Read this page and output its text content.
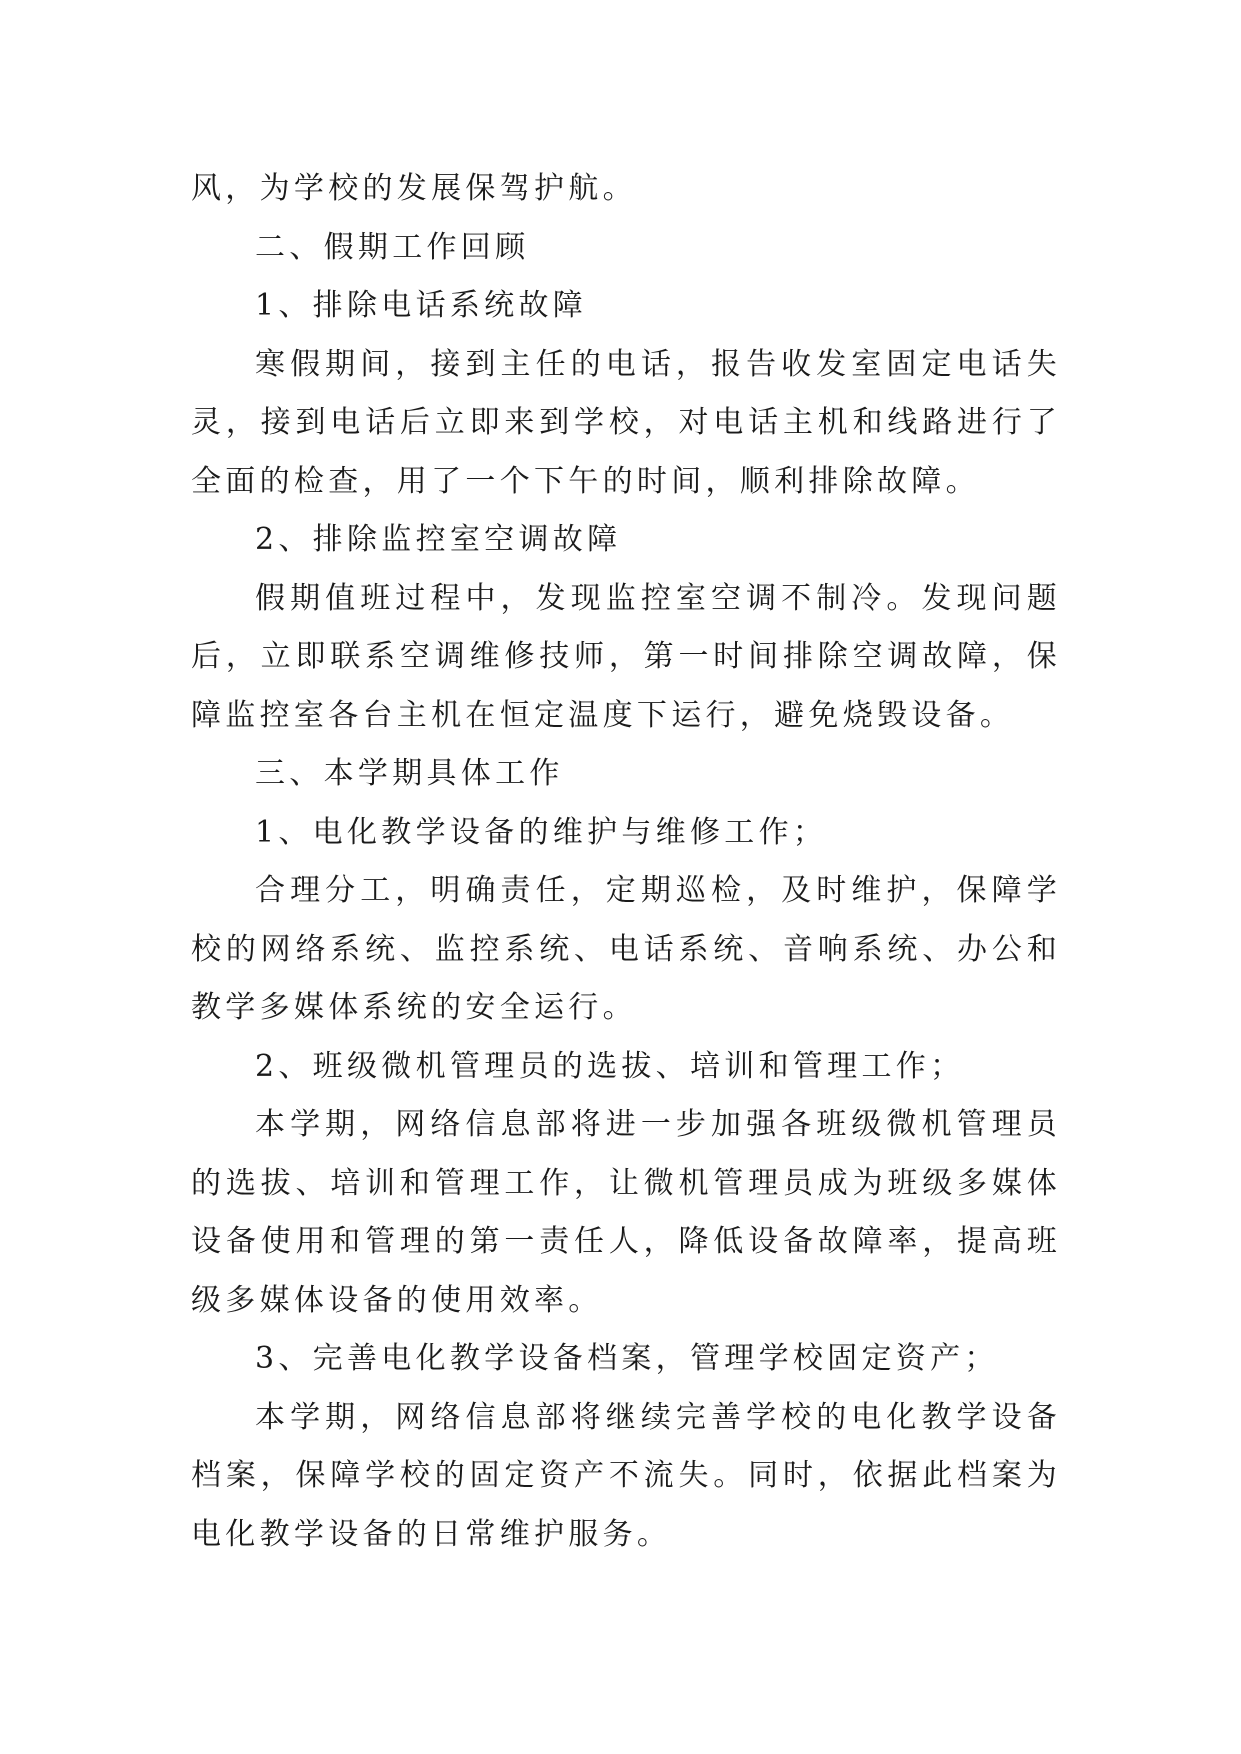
风，为学校的发展保驾护航。

二、假期工作回顾

1、排除电话系统故障

寒假期间，接到主任的电话，报告收发室固定电话失灵，接到电话后立即来到学校，对电话主机和线路进行了全面的检查，用了一个下午的时间，顺利排除故障。

2、排除监控室空调故障

假期值班过程中，发现监控室空调不制冷。发现问题后，立即联系空调维修技师，第一时间排除空调故障，保障监控室各台主机在恒定温度下运行，避免烧毁设备。

三、本学期具体工作

1、电化教学设备的维护与维修工作；

合理分工，明确责任，定期巡检，及时维护，保障学校的网络系统、监控系统、电话系统、音响系统、办公和教学多媒体系统的安全运行。

2、班级微机管理员的选拔、培训和管理工作；

本学期，网络信息部将进一步加强各班级微机管理员的选拔、培训和管理工作，让微机管理员成为班级多媒体设备使用和管理的第一责任人，降低设备故障率，提高班级多媒体设备的使用效率。

3、完善电化教学设备档案，管理学校固定资产；

本学期，网络信息部将继续完善学校的电化教学设备档案，保障学校的固定资产不流失。同时，依据此档案为电化教学设备的日常维护服务。
